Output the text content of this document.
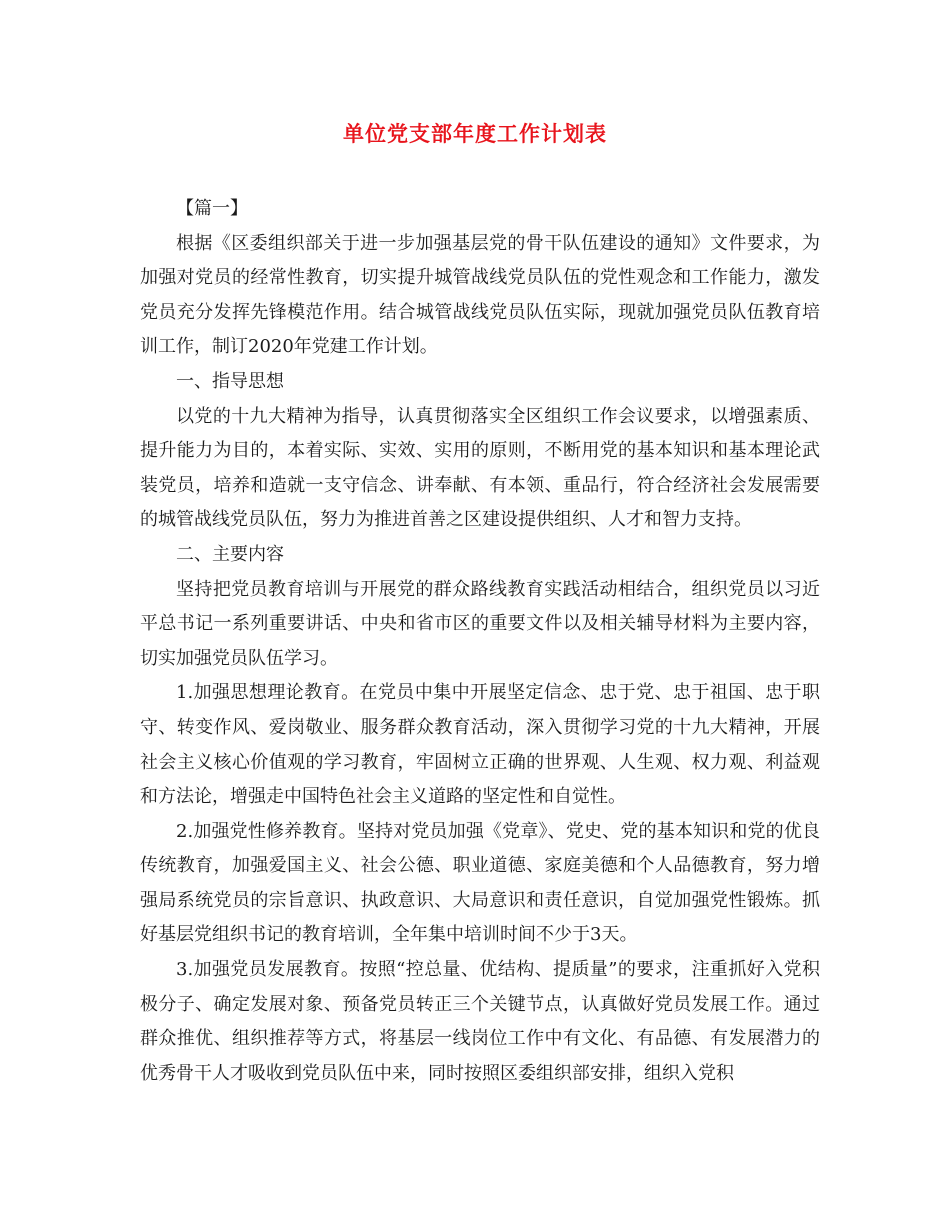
单位党支部年度工作计划表

【篇一】

根据《区委组织部关于进一步加强基层党的骨干队伍建设的通知》文件要求，为加强对党员的经常性教育，切实提升城管战线党员队伍的党性观念和工作能力，激发党员充分发挥先锋模范作用。结合城管战线党员队伍实际，现就加强党员队伍教育培训工作，制订2020年党建工作计划。

一、指导思想

以党的十九大精神为指导，认真贯彻落实全区组织工作会议要求，以增强素质、提升能力为目的，本着实际、实效、实用的原则，不断用党的基本知识和基本理论武装党员，培养和造就一支守信念、讲奉献、有本领、重品行，符合经济社会发展需要的城管战线党员队伍，努力为推进首善之区建设提供组织、人才和智力支持。

二、主要内容

坚持把党员教育培训与开展党的群众路线教育实践活动相结合，组织党员以习近平总书记一系列重要讲话、中央和省市区的重要文件以及相关辅导材料为主要内容，切实加强党员队伍学习。

1.加强思想理论教育。在党员中集中开展坚定信念、忠于党、忠于祖国、忠于职守、转变作风、爱岗敬业、服务群众教育活动，深入贯彻学习党的十九大精神，开展社会主义核心价值观的学习教育，牢固树立正确的世界观、人生观、权力观、利益观和方法论，增强走中国特色社会主义道路的坚定性和自觉性。

2.加强党性修养教育。坚持对党员加强《党章》、党史、党的基本知识和党的优良传统教育，加强爱国主义、社会公德、职业道德、家庭美德和个人品德教育，努力增强局系统党员的宗旨意识、执政意识、大局意识和责任意识，自觉加强党性锻炼。抓好基层党组织书记的教育培训，全年集中培训时间不少于3天。

3.加强党员发展教育。按照“控总量、优结构、提质量”的要求，注重抓好入党积极分子、确定发展对象、预备党员转正三个关键节点，认真做好党员发展工作。通过群众推优、组织推荐等方式，将基层一线岗位工作中有文化、有品德、有发展潜力的优秀骨干人才吸收到党员队伍中来，同时按照区委组织部安排，组织入党积
